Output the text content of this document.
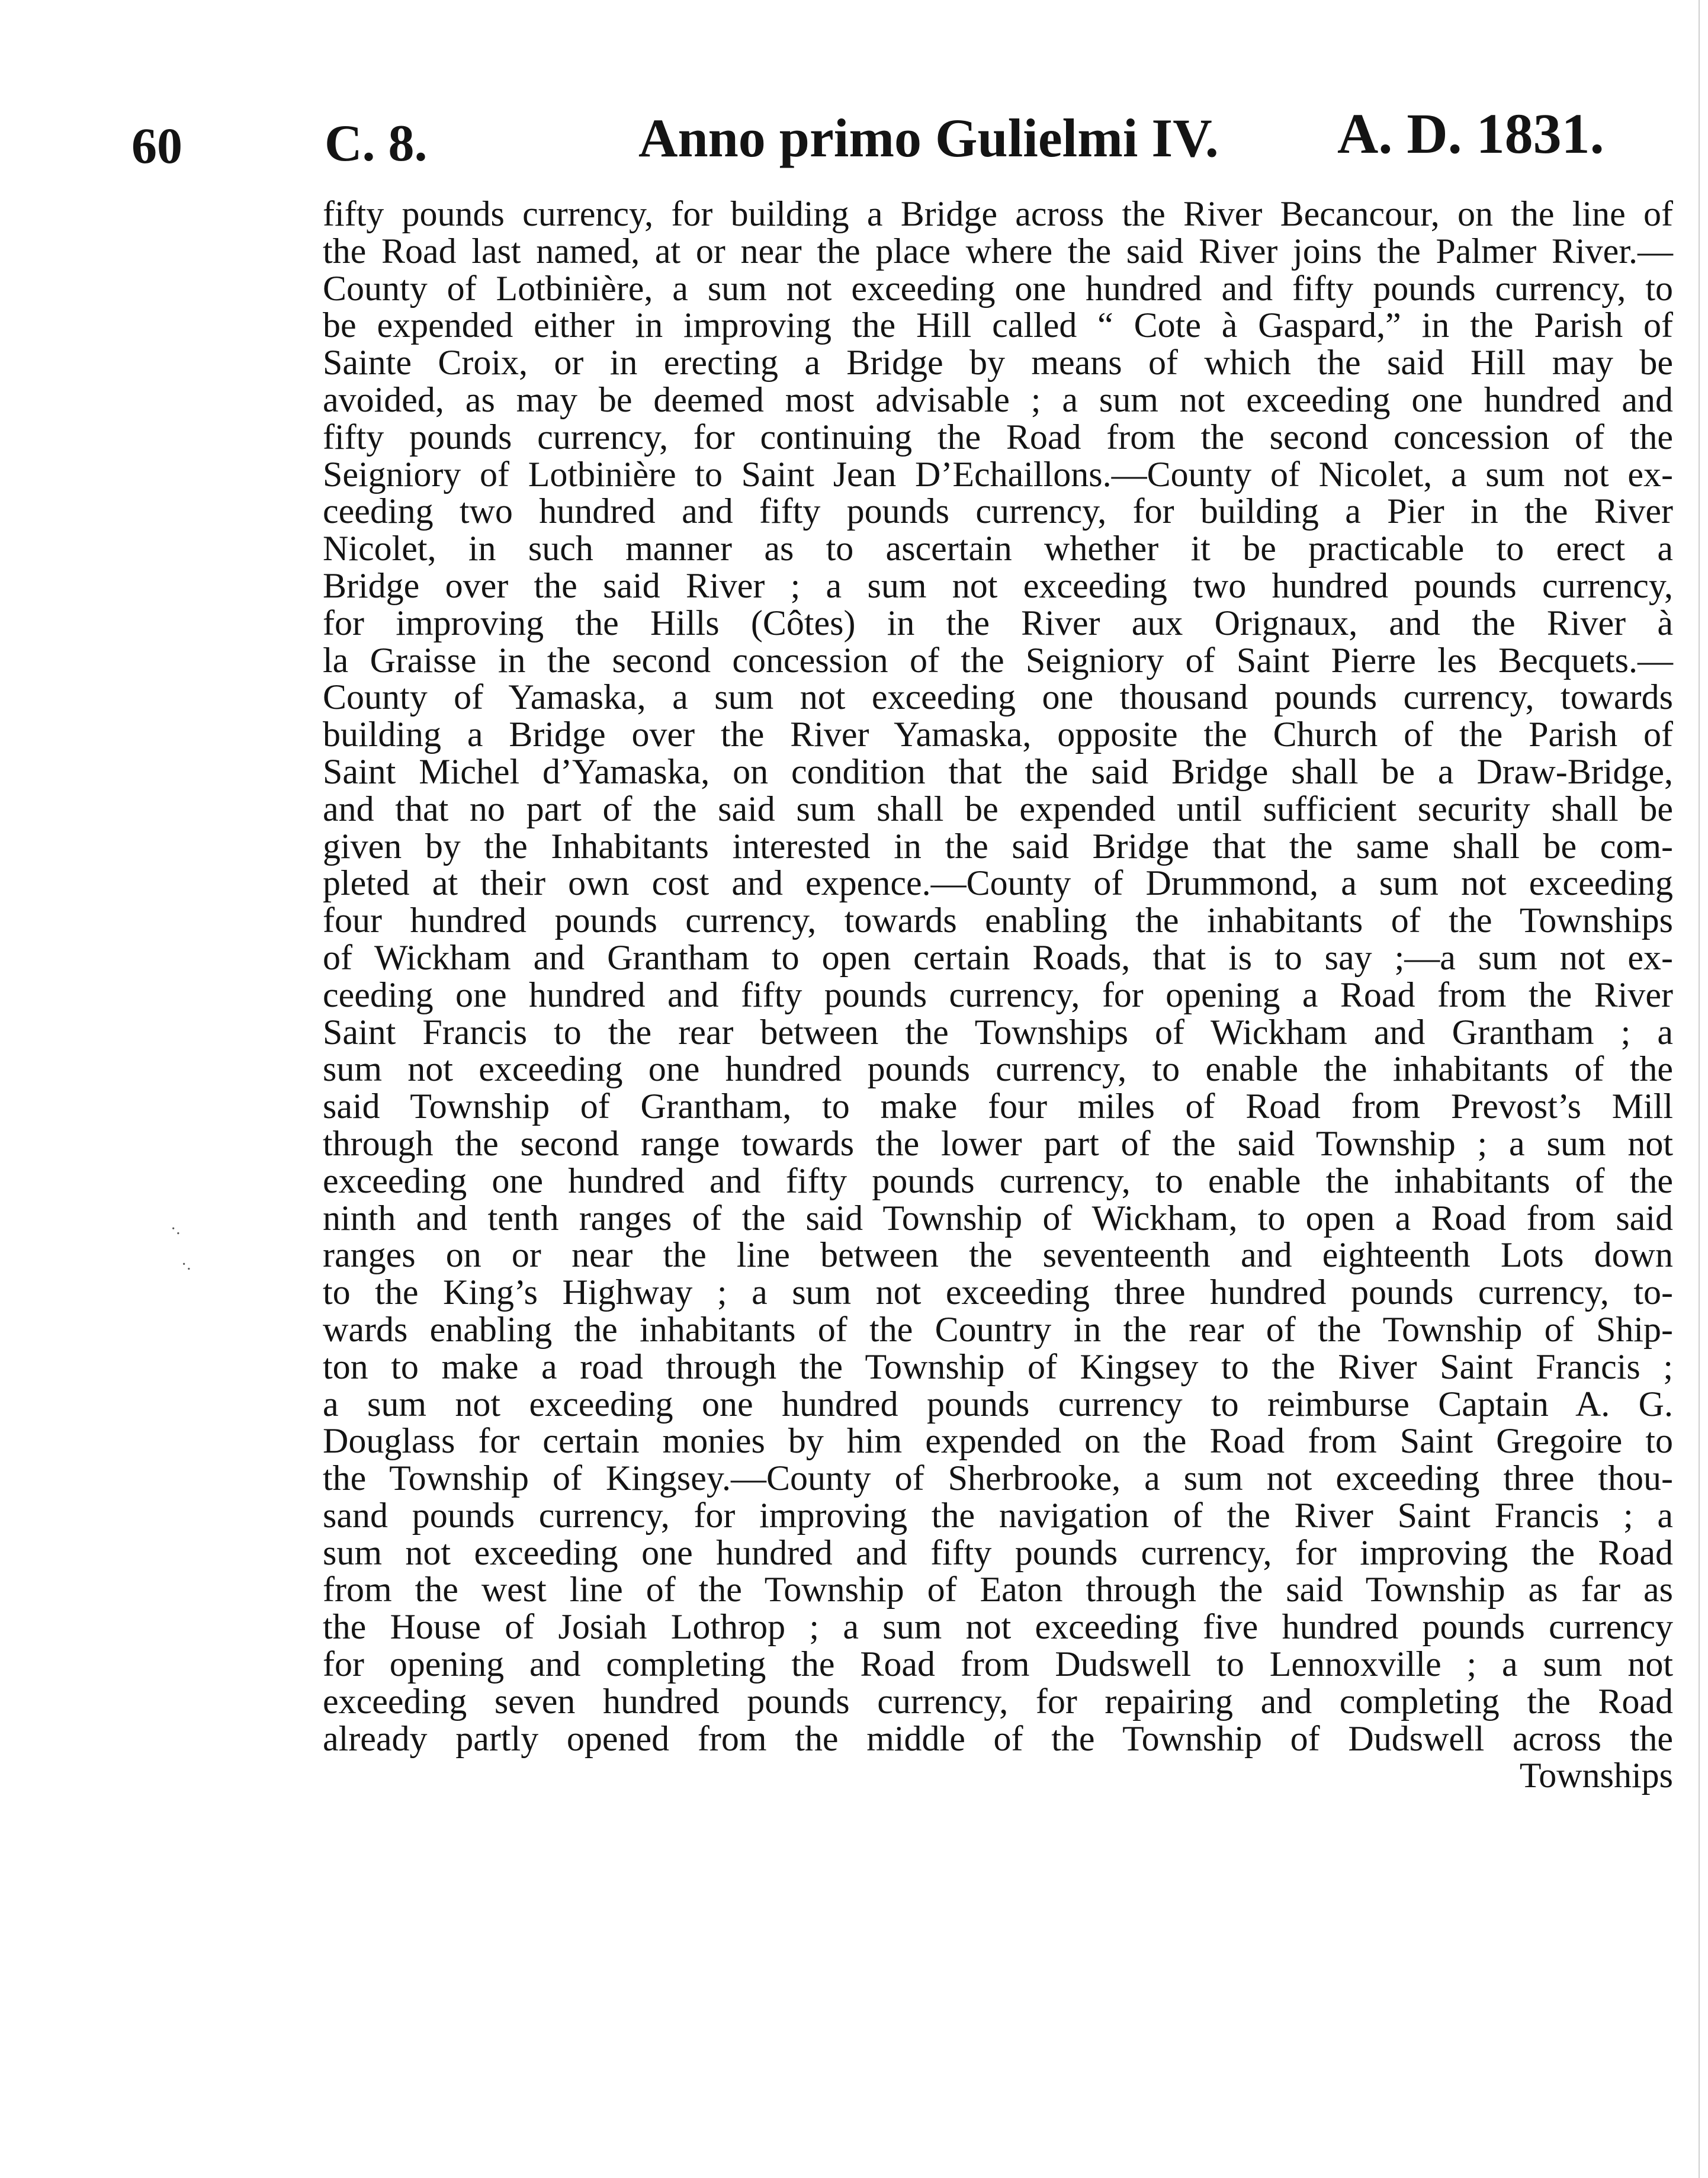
60	C. 8.	Anno primo Gulielmi IV. A. D. 1831.
fifty pounds currency, for building a Bridge across the River Becancour, on the line of
the Road last named, at or near the place where the said River joins the Palmer River.—
County of Lotbinière, a sum not exceeding one hundred and fifty pounds currency, to
be expended either in improving the Hill called “ Cote à Gaspard,” in the Parish of
Sainte Croix, or in erecting a Bridge by means of which the said Hill may be
avoided, as may be deemed most advisable ; a sum not exceeding one hundred and
fifty pounds currency, for continuing the Road from the second concession of the
Seigniory of Lotbinière to Saint Jean D’Echaillons.—County of Nicolet, a sum not ex-
ceeding two hundred and fifty pounds currency, for building a Pier in the River
Nicolet, in such manner as to ascertain whether it be practicable to erect a
Bridge over the said River ; a sum not exceeding two hundred pounds currency,
for improving the Hills (Côtes) in the River aux Orignaux, and the River à
la Graisse in the second concession of the Seigniory of Saint Pierre les Becquets.—
County of Yamaska, a sum not exceeding one thousand pounds currency, towards
building a Bridge over the River Yamaska, opposite the Church of the Parish of
Saint Michel d’Yamaska, on condition that the said Bridge shall be a Draw-Bridge,
and that no part of the said sum shall be expended until sufficient security shall be
given by the Inhabitants interested in the said Bridge that the same shall be com-
pleted at their own cost and expence.—County of Drummond, a sum not exceeding
four hundred pounds currency, towards enabling the inhabitants of the Townships
of Wickham and Grantham to open certain Roads, that is to say ;—a sum not ex-
ceeding one hundred and fifty pounds currency, for opening a Road from the River
Saint Francis to the rear between the Townships of Wickham and Grantham ; a
sum not exceeding one hundred pounds currency, to enable the inhabitants of the
said Township of Grantham, to make four miles of Road from Prevost’s Mill
through the second range towards the lower part of the said Township ; a sum not
exceeding one hundred and fifty pounds currency, to enable the inhabitants of the
ninth and tenth ranges of the said Township of Wickham, to open a Road from said
ranges on or near the line between the seventeenth and eighteenth Lots down
to the King’s Highway ; a sum not exceeding three hundred pounds currency, to-
wards enabling the inhabitants of the Country in the rear of the Township of Ship-
ton to make a road through the Township of Kingsey to the River Saint Francis ;
a sum not exceeding one hundred pounds currency to reimburse Captain A. G.
Douglass for certain monies by him expended on the Road from Saint Gregoire to
the Township of Kingsey.—County of Sherbrooke, a sum not exceeding three thou-
sand pounds currency, for improving the navigation of the River Saint Francis ; a
sum not exceeding one hundred and fifty pounds currency, for improving the Road
from the west line of the Township of Eaton through the said Township as far as
the House of Josiah Lothrop ; a sum not exceeding five hundred pounds currency
for opening and completing the Road from Dudswell to Lennoxville ; a sum not
exceeding seven hundred pounds currency, for repairing and completing the Road
already partly opened from the middle of the Township of Dudswell across the
Townships
·.
·.
